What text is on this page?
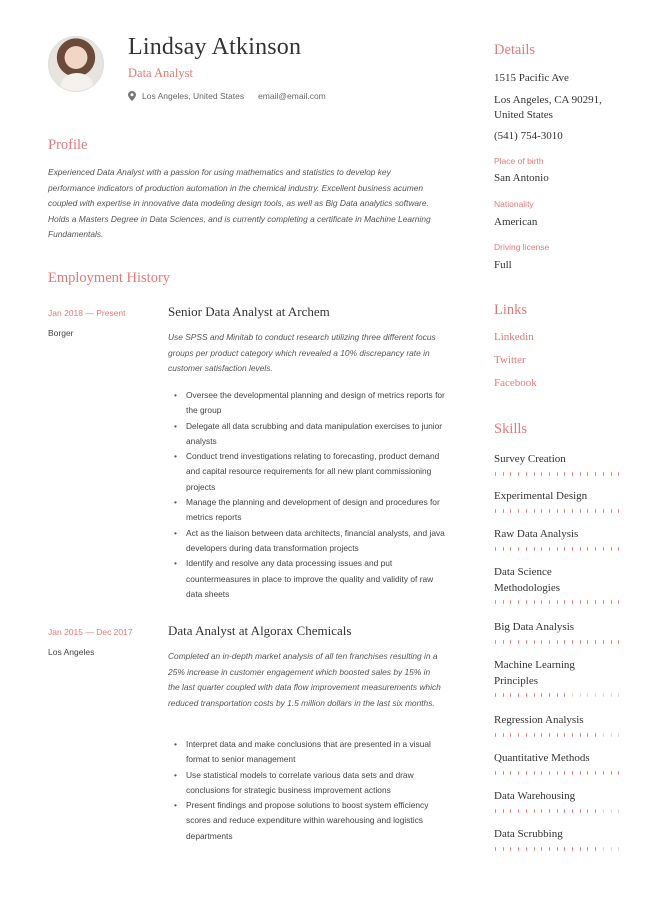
Lindsay Atkinson
Data Analyst
Los Angeles, United States email@email.com
Profile
Experienced Data Analyst with a passion for using mathematics and statistics to develop key performance indicators of production automation in the chemical industry. Excellent business acumen coupled with expertise in innovative data modeling design tools, as well as Big Data analytics software. Holds a Masters Degree in Data Sciences, and is currently completing a certificate in Machine Learning Fundamentals.
Employment History
Jan 2018 — Present
Borger
Senior Data Analyst at Archem
Use SPSS and Minitab to conduct research utilizing three different focus groups per product category which revealed a 10% discrepancy rate in customer satisfaction levels.
• Oversee the developmental planning and design of metrics reports for the group
• Delegate all data scrubbing and data manipulation exercises to junior analysts
• Conduct trend investigations relating to forecasting, product demand and capital resource requirements for all new plant commissioning projects
• Manage the planning and development of design and procedures for metrics reports
• Act as the liaison between data architects, financial analysts, and java developers during data transformation projects
• Identify and resolve any data processing issues and put countermeasures in place to improve the quality and validity of raw data sheets
Jan 2015 — Dec 2017
Los Angeles
Data Analyst at Algorax Chemicals
Completed an in-depth market analysis of all ten franchises resulting in a 25% increase in customer engagement which boosted sales by 15% in the last quarter coupled with data flow improvement measurements which reduced transportation costs by 1.5 million dollars in the last six months.
• Interpret data and make conclusions that are presented in a visual format to senior management
• Use statistical models to correlate various data sets and draw conclusions for strategic business improvement actions
• Present findings and propose solutions to boost system efficiency scores and reduce expenditure within warehousing and logistics departments
Details
1515 Pacific Ave
Los Angeles, CA 90291, United States
(541) 754-3010
Place of birth
San Antonio
Nationality
American
Driving license
Full
Links
Linkedin
Twitter
Facebook
Skills
Survey Creation
Experimental Design
Raw Data Analysis
Data Science Methodologies
Big Data Analysis
Machine Learning Principles
Regression Analysis
Quantitative Methods
Data Warehousing
Data Scrubbing
